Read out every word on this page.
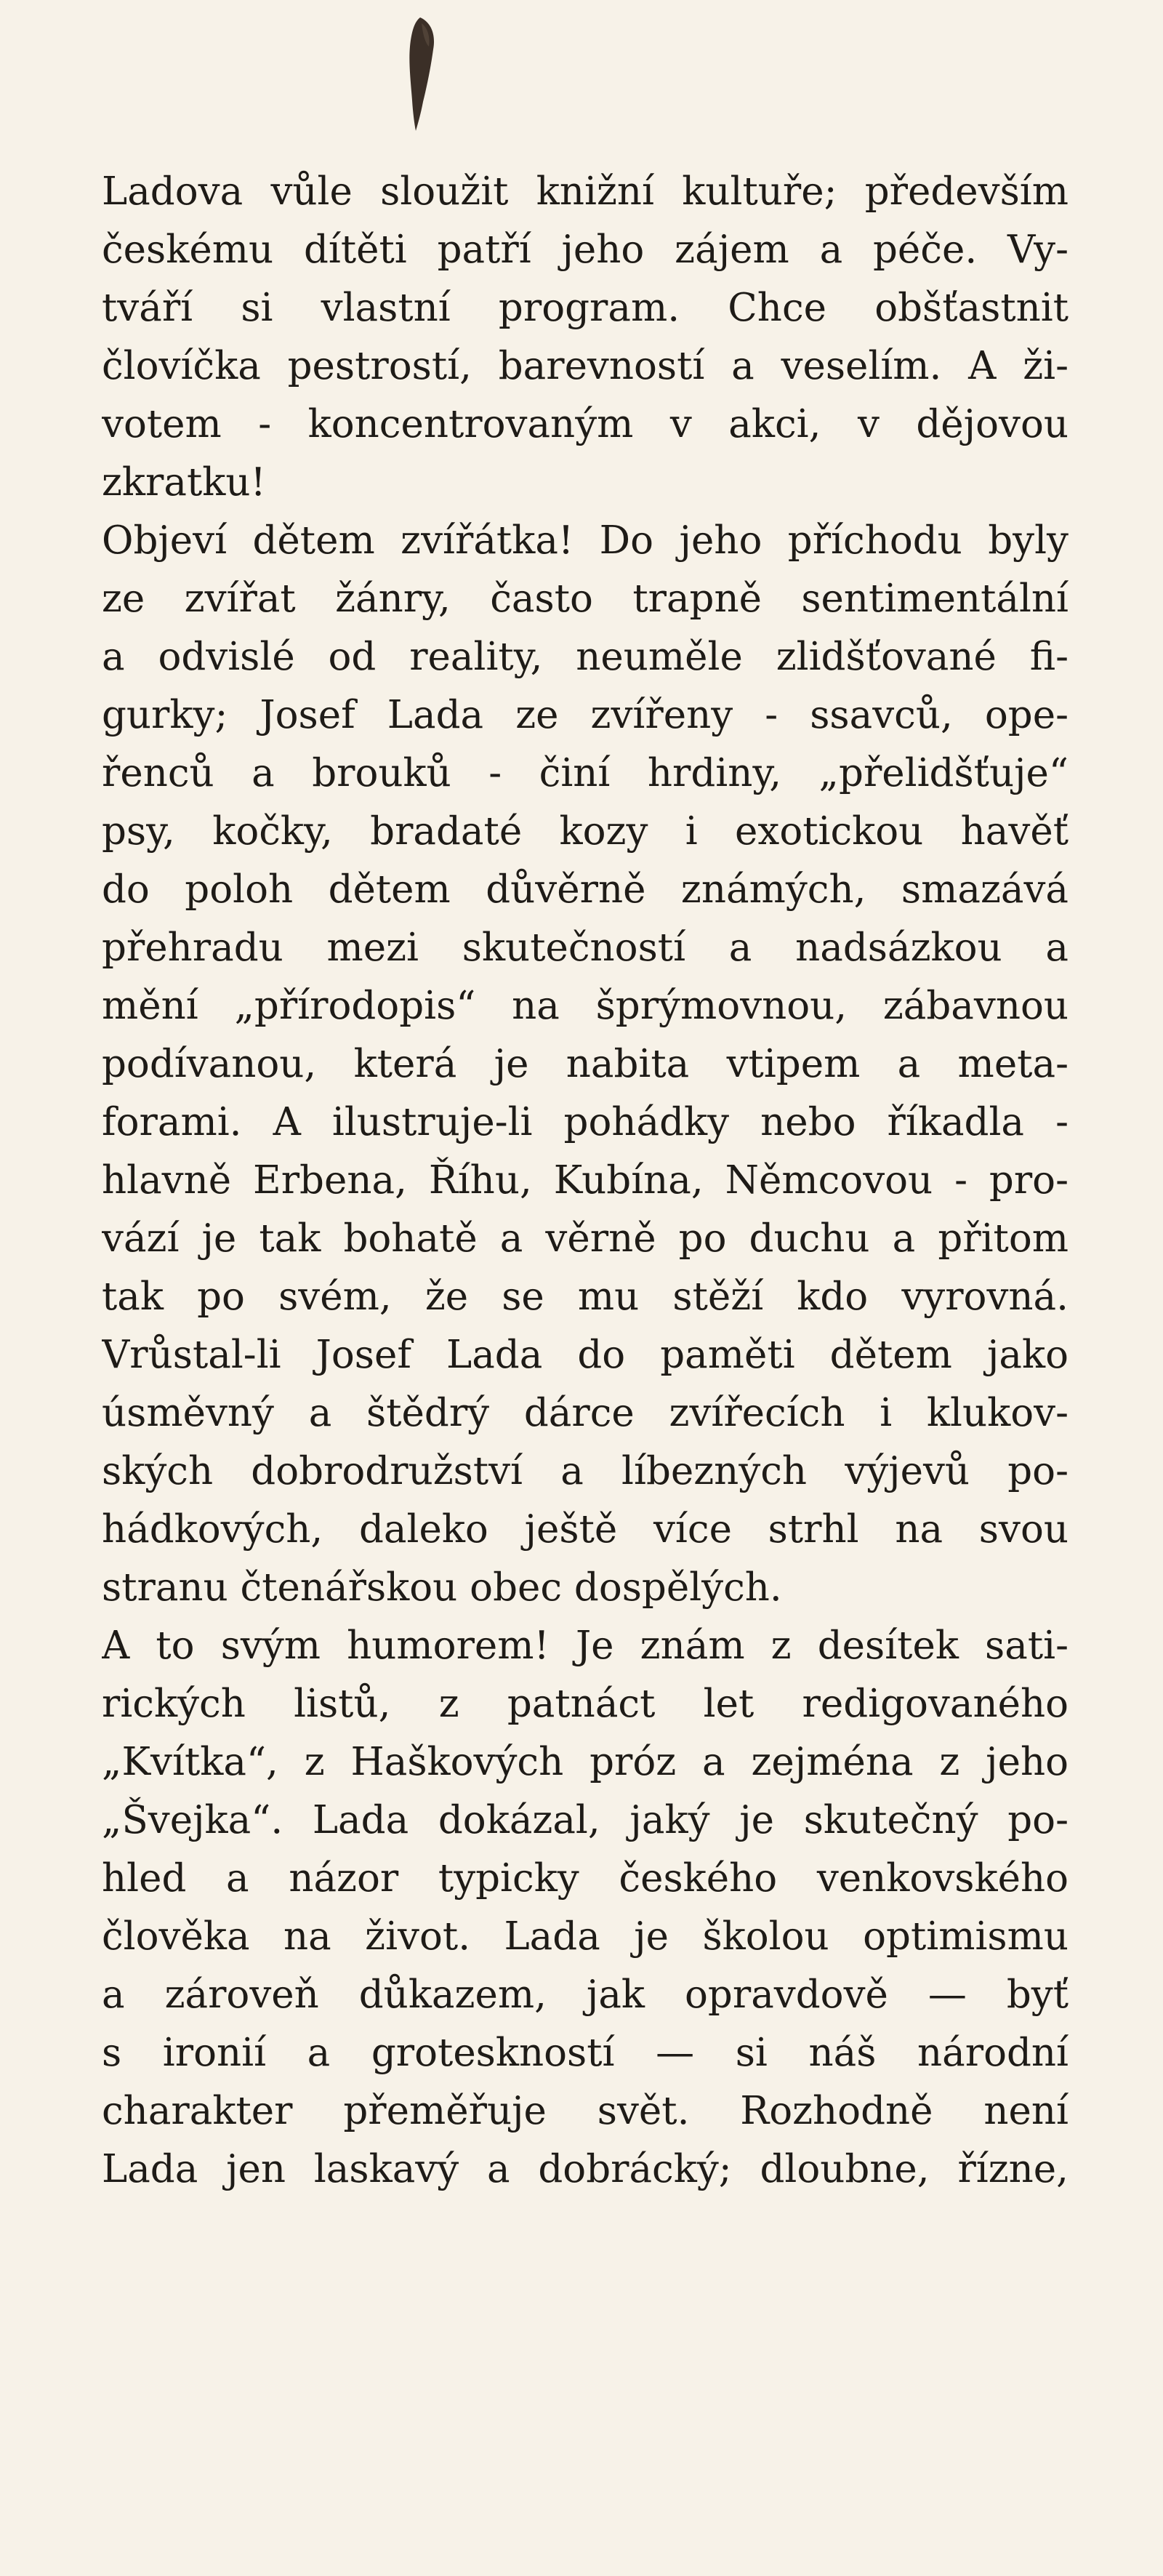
Ladova vůle sloužit knižní kultuře; především
českému dítěti patří jeho zájem a péče. Vy-
tváří si vlastní program. Chce obšťastnit
človíčka pestrostí, barevností a veselím. A ži-
votem - koncentrovaným v akci, v dějovou
zkratku!
Objeví dětem zvířátka! Do jeho příchodu byly
ze zvířat žánry, často trapně sentimentální
a odvislé od reality, neuměle zlidšťované fi-
gurky; Josef Lada ze zvířeny - ssavců, ope-
řenců a brouků - činí hrdiny, „přelidšťuje“
psy, kočky, bradaté kozy i exotickou havěť
do poloh dětem důvěrně známých, smazává
přehradu mezi skutečností a nadsázkou a
mění „přírodopis“ na šprýmovnou, zábavnou
podívanou, která je nabita vtipem a meta-
forami. A ilustruje-li pohádky nebo říkadla -
hlavně Erbena, Říhu, Kubína, Němcovou - pro-
vází je tak bohatě a věrně po duchu a přitom
tak po svém, že se mu stěží kdo vyrovná.
Vrůstal-li Josef Lada do paměti dětem jako
úsměvný a štědrý dárce zvířecích i klukov-
ských dobrodružství a líbezných výjevů po-
hádkových, daleko ještě více strhl na svou
stranu čtenářskou obec dospělých.
A to svým humorem! Je znám z desítek sati-
rických listů, z patnáct let redigovaného
„Kvítka“, z Haškových próz a zejména z jeho
„Švejka“. Lada dokázal, jaký je skutečný po-
hled a názor typicky českého venkovského
člověka na život. Lada je školou optimismu
a zároveň důkazem, jak opravdově — byť
s ironií a groteskností — si náš národní
charakter přeměřuje svět. Rozhodně není
Lada jen laskavý a dobrácký; dloubne, řízne,
